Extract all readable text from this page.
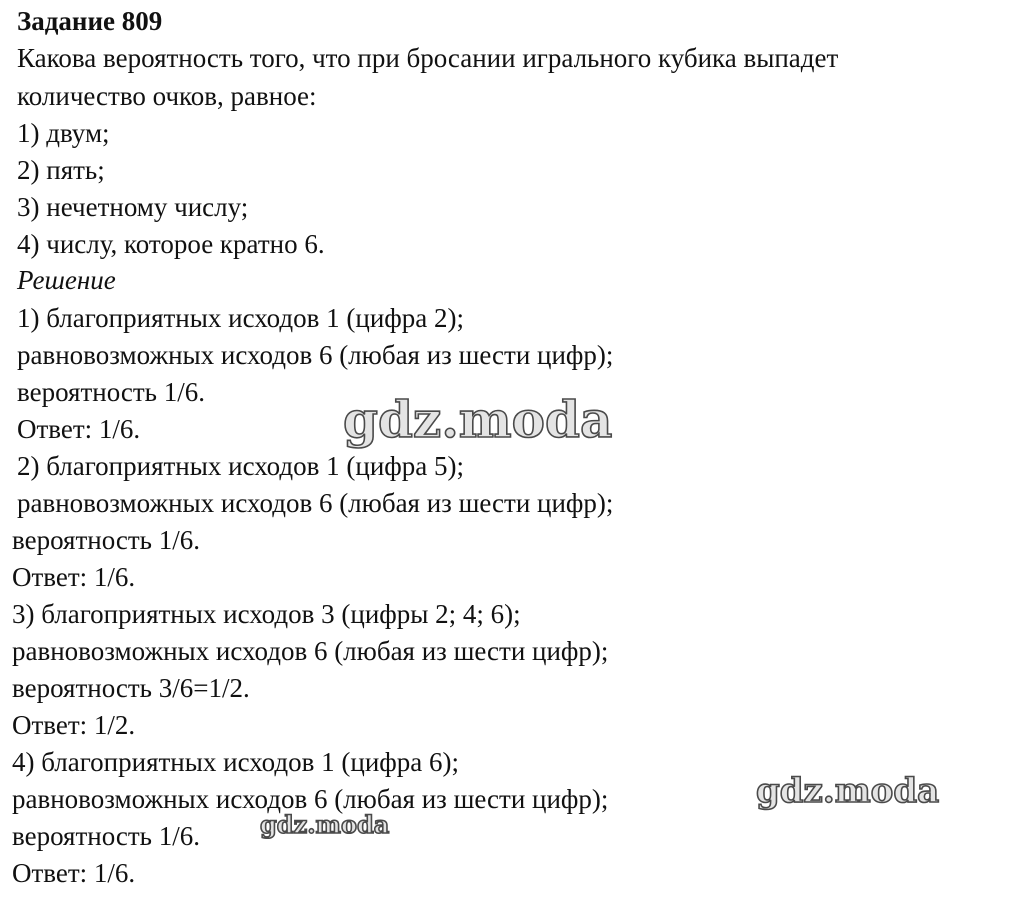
Задание 809
Какова вероятность того, что при бросании игрального кубика выпадет
количество очков, равное:
1) двум;
2) пять;
3) нечетному числу;
4) числу, которое кратно 6.
Решение
1) благоприятных исходов 1 (цифра 2);
равновозможных исходов 6 (любая из шести цифр);
вероятность 1/6.
Ответ: 1/6.
2) благоприятных исходов 1 (цифра 5);
равновозможных исходов 6 (любая из шести цифр);
вероятность 1/6.
Ответ: 1/6.
3) благоприятных исходов 3 (цифры 2; 4; 6);
равновозможных исходов 6 (любая из шести цифр);
вероятность 3/6=1/2.
Ответ: 1/2.
4) благоприятных исходов 1 (цифра 6);
равновозможных исходов 6 (любая из шести цифр);
вероятность 1/6.
Ответ: 1/6.
gdz.moda
gdz.moda
gdz.moda
